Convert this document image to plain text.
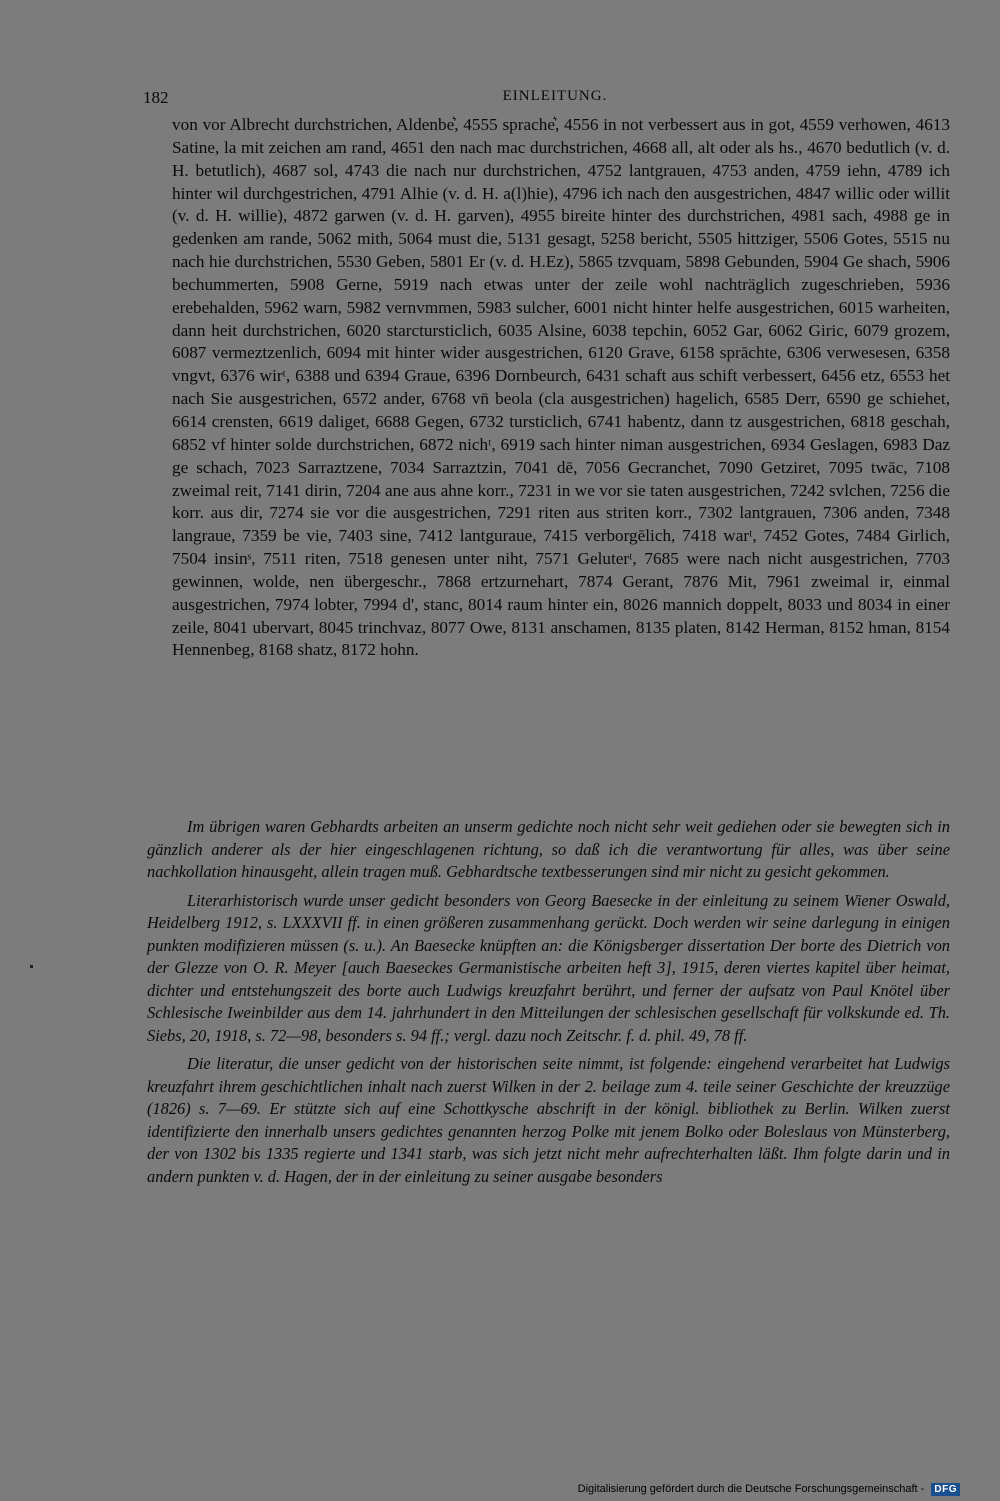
182	EINLEITUNG.

von vor Albrecht durchstrichen, Aldenbe͛, 4555 sprache͛, 4556 in not verbessert aus in got, 4559 verhowen, 4613 Satine, la mit zeichen am rand, 4651 den nach mac durchstrichen, 4668 all, alt oder als hs., 4670 bedutlich (v. d. H. betutlich), 4687 sol, 4743 die nach nur durchstrichen, 4752 lantgrauen, 4753 anden, 4759 iehn, 4789 ich hinter wil durchgestrichen, 4791 Alhie (v. d. H. a(l)hie), 4796 ich nach den ausgestrichen, 4847 willic oder willit (v. d. H. willie), 4872 garwen (v. d. H. garven), 4955 bireite hinter des durchstrichen, 4981 sach, 4988 ge in gedenken am rande, 5062 mith, 5064 must die, 5131 gesagt, 5258 bericht, 5505 hittziger, 5506 Gotes, 5515 nu nach hie durchstrichen, 5530 Geben, 5801 Er (v. d. H.Ez), 5865 tzvquam, 5898 Gebunden, 5904 Ge shach, 5906 bechummerten, 5908 Gerne, 5919 nach etwas unter der zeile wohl nachträglich zugeschrieben, 5936 erebehalden, 5962 warn, 5982 vernvmmen, 5983 sulcher, 6001 nicht hinter helfe ausgestrichen, 6015 warheiten, dann heit durchstrichen, 6020 starctursticlich, 6035 Alsine, 6038 tepchin, 6052 Gar, 6062 Giric, 6079 grozem, 6087 vermeztzenlich, 6094 mit hinter wider ausgestrichen, 6120 Grave, 6158 sprāchte, 6306 verwesesen, 6358 vngvt, 6376 wirᵗ, 6388 und 6394 Graue, 6396 Dornbeurch, 6431 schaft aus schift verbessert, 6456 etz, 6553 het nach Sie ausgestrichen, 6572 ander, 6768 vn̄ beola (cla ausgestrichen) hagelich, 6585 Derr, 6590 ge schiehet, 6614 crensten, 6619 daliget, 6688 Gegen, 6732 tursticlich, 6741 habentz, dann tz ausgestrichen, 6818 geschah, 6852 vf hinter solde durchstrichen, 6872 nichᵗ, 6919 sach hinter niman ausgestrichen, 6934 Geslagen, 6983 Daz ge schach, 7023 Sarraztzene, 7034 Sarraztzin, 7041 dē, 7056 Gecranchet, 7090 Getziret, 7095 twāc, 7108 zweimal reit, 7141 dirin, 7204 ane aus ahne korr., 7231 in we vor sie taten ausgestrichen, 7242 svlchen, 7256 die korr. aus dir, 7274 sie vor die ausgestrichen, 7291 riten aus striten korr., 7302 lantgrauen, 7306 anden, 7348 langraue, 7359 be vie, 7403 sine, 7412 lantguraue, 7415 verborgēlich, 7418 warᵗ, 7452 Gotes, 7484 Girlich, 7504 insinˢ, 7511 riten, 7518 genesen unter niht, 7571 Geluterᵗ, 7685 were nach nicht ausgestrichen, 7703 gewinnen, wolde, nen übergeschr., 7868 ertzurnehart, 7874 Gerant, 7876 Mit, 7961 zweimal ir, einmal ausgestrichen, 7974 lobter, 7994 d', stanc, 8014 raum hinter ein, 8026 mannich doppelt, 8033 und 8034 in einer zeile, 8041 ubervart, 8045 trinchvaz, 8077 Owe, 8131 anschamen, 8135 platen, 8142 Herman, 8152 hman, 8154 Hennenbeg, 8168 shatz, 8172 hohn.

Im übrigen waren Gebhardts arbeiten an unserm gedichte noch nicht sehr weit gediehen oder sie bewegten sich in gänzlich anderer als der hier eingeschlagenen richtung, so daß ich die verantwortung für alles, was über seine nachkollation hinausgeht, allein tragen muß. Gebhardtsche textbesserungen sind mir nicht zu gesicht gekommen.

Literarhistorisch wurde unser gedicht besonders von Georg Baesecke in der einleitung zu seinem Wiener Oswald, Heidelberg 1912, s. LXXXVII ff. in einen größeren zusammenhang gerückt. Doch werden wir seine darlegung in einigen punkten modifizieren müssen (s. u.). An Baesecke knüpften an: die Königsberger dissertation Der borte des Dietrich von der Glezze von O. R. Meyer [auch Baeseckes Germanistische arbeiten heft 3], 1915, deren viertes kapitel über heimat, dichter und entstehungszeit des borte auch Ludwigs kreuzfahrt berührt, und ferner der aufsatz von Paul Knötel über Schlesische Iweinbilder aus dem 14. jahrhundert in den Mitteilungen der schlesischen gesellschaft für volkskunde ed. Th. Siebs, 20, 1918, s. 72—98, besonders s. 94 ff.; vergl. dazu noch Zeitschr. f. d. phil. 49, 78 ff.

Die literatur, die unser gedicht von der historischen seite nimmt, ist folgende: eingehend verarbeitet hat Ludwigs kreuzfahrt ihrem geschichtlichen inhalt nach zuerst Wilken in der 2. beilage zum 4. teile seiner Geschichte der kreuzzüge (1826) s. 7—69. Er stützte sich auf eine Schottkysche abschrift in der königl. bibliothek zu Berlin. Wilken zuerst identifizierte den innerhalb unsers gedichtes genannten herzog Polke mit jenem Bolko oder Boleslaus von Münsterberg, der von 1302 bis 1335 regierte und 1341 starb, was sich jetzt nicht mehr aufrechterhalten läßt. Ihm folgte darin und in andern punkten v. d. Hagen, der in der einleitung zu seiner ausgabe besonders

Digitalisierung gefördert durch die Deutsche Forschungsgemeinschaft - DFG
